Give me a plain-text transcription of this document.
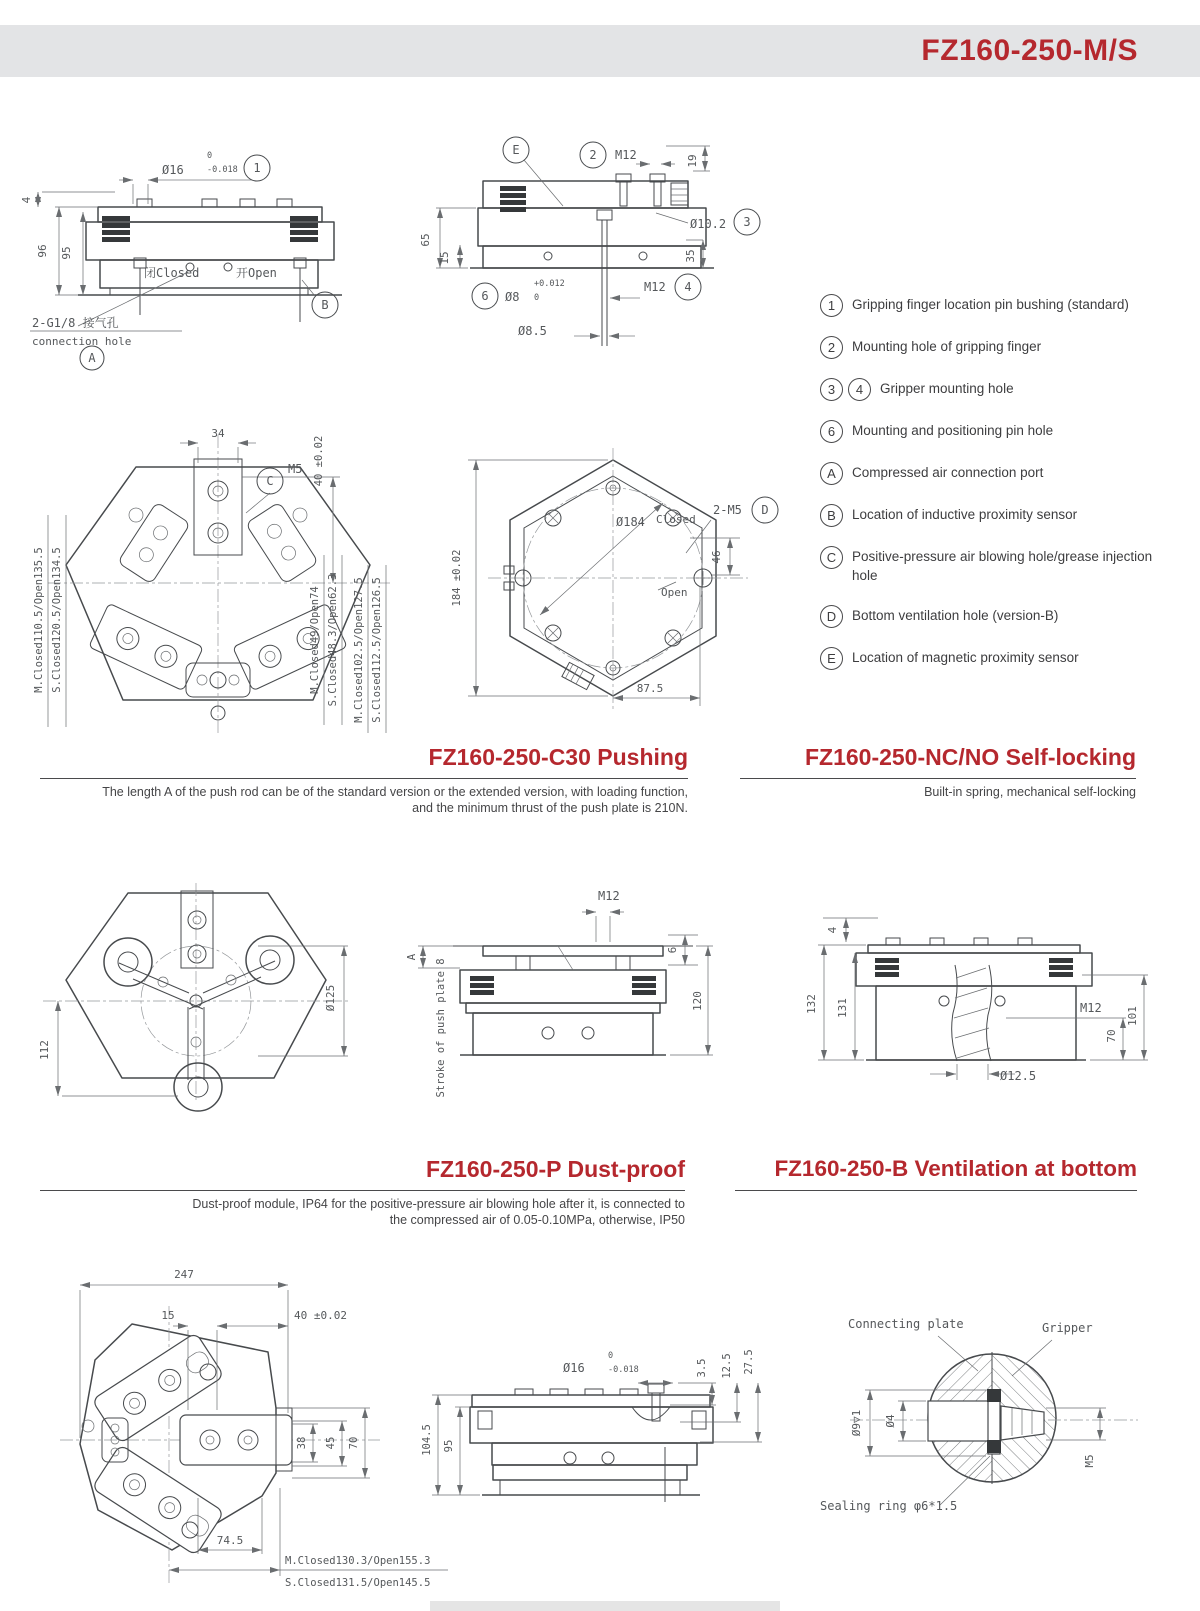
FZ160-250-M/S
Ø16
0
-0.018 1
4
96 95
闭Closed	开Open
2-G1/8 接气孔
connection hole
A
B
E	2 M12	19
Ø10.2 3
65
35
15
6 Ø8
+0.012
0
M12 4
Ø8.5
34
C
M5 40 ±0.02
M.Closed110.5/Open135.5 S.Closed120.5/Open134.5	M.Closed49/Open74 S.Closed48.3/Open62.3 M.Closed102.5/Open127.5 S.Closed112.5/Open126.5	184 ±0.02
Ø184 Closed
2-M5 D
46
Open
87.5
1	Gripping finger location pin bushing (standard)
2	Mounting hole of gripping finger
3	4	Gripper mounting hole
6	Mounting and positioning pin hole
A	Compressed air connection port
B	Location of inductive proximity sensor
C	Positive-pressure air blowing hole/grease injection hole
D	Bottom ventilation hole (version-B)
E	Location of magnetic proximity sensor
FZ160-250-C30 Pushing
The length A of the push rod can be of the standard version or the extended version, with loading function, and the minimum thrust of the push plate is 210N.
FZ160-250-NC/NO Self-locking
Built-in spring, mechanical self-locking
Ø125
112
M12
6
A
120
Stroke of push plate 8
4
132 131	M12
70
101
Ø12.5
FZ160-250-P Dust-proof
Dust-proof module, IP64 for the positive-pressure air blowing hole after it, is connected to the compressed air of 0.05-0.10MPa, otherwise, IP50
FZ160-250-B Ventilation at bottom
247
15	40 ±0.02
38 45 70
74.5
M.Closed130.3/Open155.3
S.Closed131.5/Open145.5
Ø16
0
-0.018	3.5 12.5 27.5
104.5 95
Connecting plate	Gripper
Ø9▽1 Ø4
M5
Sealing ring φ6*1.5
